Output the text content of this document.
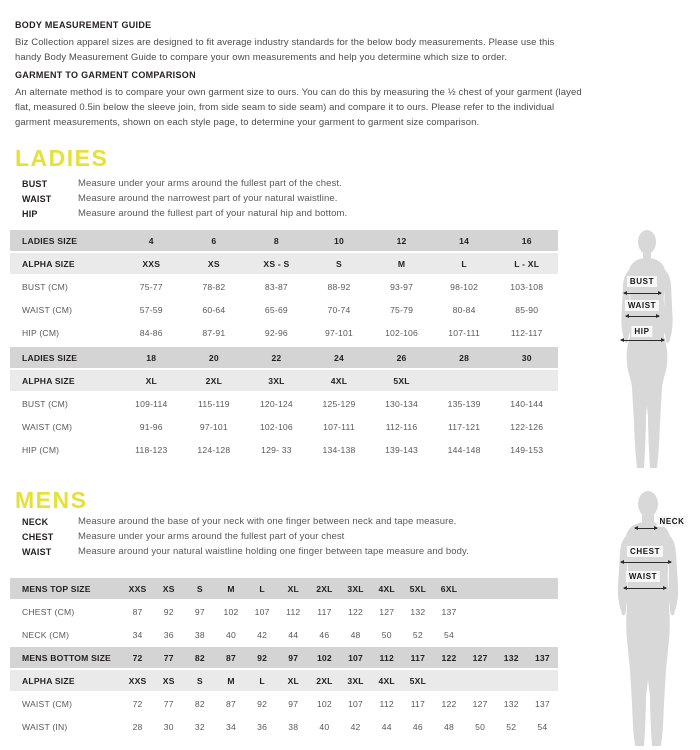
BODY MEASUREMENT GUIDE
Biz Collection apparel sizes are designed to fit average industry standards for the below body measurements. Please use this handy Body Measurement Guide to compare your own measurements and help you determine which size to order.
GARMENT TO GARMENT COMPARISON
An alternate method is to compare your own garment size to ours. You can do this by measuring the ½ chest of your garment (layed flat, measured 0.5in below the sleeve join, from side seam to side seam) and compare it to ours. Please refer to the individual garment measurements, shown on each style page, to determine your garment to garment size comparison.
LADIES
BUST	Measure under your arms around the fullest part of the chest.
WAIST	Measure around the narrowest part of your natural waistline.
HIP	Measure around the fullest part of your natural hip and bottom.
LADIES SIZE	4	6	8	10	12	14	16
ALPHA SIZE	XXS	XS	XS - S	S	M	L	L - XL
BUST (CM)	75-77	78-82	83-87	88-92	93-97	98-102	103-108
WAIST (CM)	57-59	60-64	65-69	70-74	75-79	80-84	85-90
HIP (CM)	84-86	87-91	92-96	97-101	102-106	107-111	112-117
LADIES SIZE	18	20	22	24	26	28	30
ALPHA SIZE	XL	2XL	3XL	4XL	5XL
BUST (CM)	109-114	115-119	120-124	125-129	130-134	135-139	140-144
WAIST (CM)	91-96	97-101	102-106	107-111	112-116	117-121	122-126
HIP (CM)	118-123	124-128	129- 33	134-138	139-143	144-148	149-153
BUST
WAIST
HIP
MENS
NECK	Measure around the base of your neck with one finger between neck and tape measure.
CHEST	Measure under your arms around the fullest part of your chest
WAIST	Measure around your natural waistline holding one finger between tape measure and body.
MENS TOP SIZE	XXS	XS	S	M	L	XL	2XL	3XL	4XL	5XL	6XL
CHEST (CM)	87	92	97	102	107	112	117	122	127	132	137
NECK (CM)	34	36	38	40	42	44	46	48	50	52	54
MENS BOTTOM SIZE	72	77	82	87	92	97	102	107	112	117	122	127	132	137
ALPHA SIZE	XXS	XS	S	M	L	XL	2XL	3XL	4XL	5XL
WAIST (CM)	72	77	82	87	92	97	102	107	112	117	122	127	132	137
WAIST (IN)	28	30	32	34	36	38	40	42	44	46	48	50	52	54
NECK
CHEST
WAIST
